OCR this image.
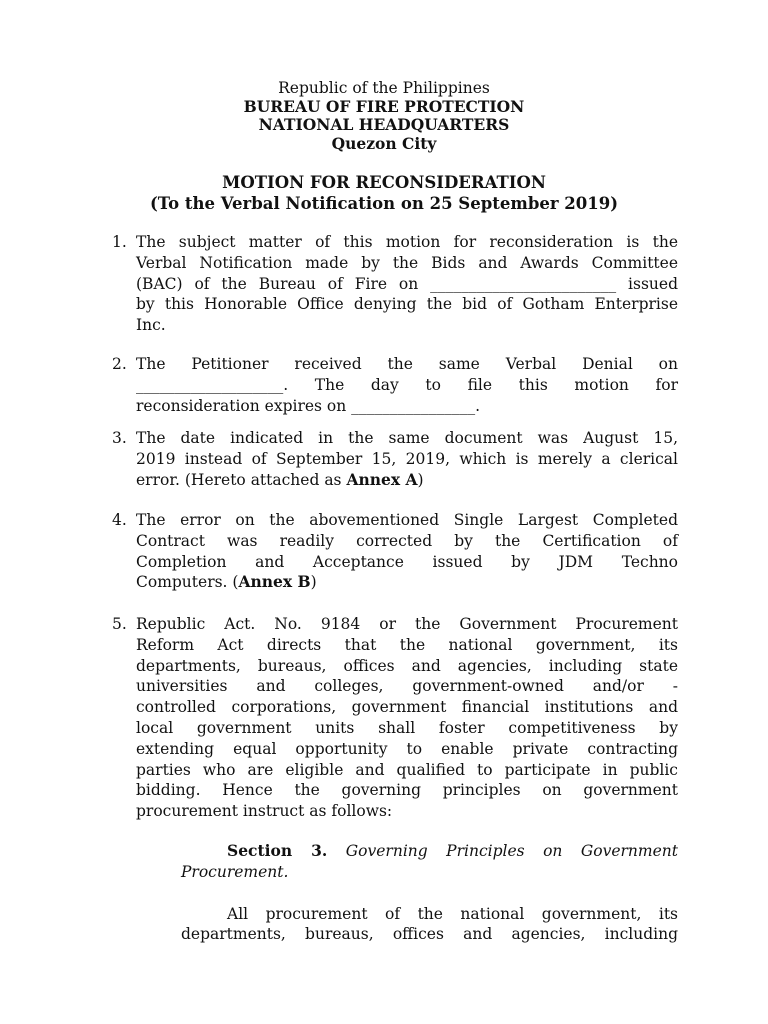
Republic of the Philippines
BUREAU OF FIRE PROTECTION
NATIONAL HEADQUARTERS
Quezon City
MOTION FOR RECONSIDERATION
(To the Verbal Notification on 25 September 2019)
1. The subject matter of this motion for reconsideration is the
Verbal Notification made by the Bids and Awards Committee
(BAC) of the Bureau of Fire on ________________________ issued
by this Honorable Office denying the bid of Gotham Enterprise
Inc.
2. The Petitioner received the same Verbal Denial on
___________________. The day to file this motion for
reconsideration expires on ________________.
3. The date indicated in the same document was August 15,
2019 instead of September 15, 2019, which is merely a clerical
error. (Hereto attached as Annex A)
4. The error on the abovementioned Single Largest Completed
Contract was readily corrected by the Certification of
Completion and Acceptance issued by JDM Techno
Computers. (Annex B)
5. Republic Act. No. 9184 or the Government Procurement
Reform Act directs that the national government, its
departments, bureaus, offices and agencies, including state
universities and colleges, government-owned and/or -
controlled corporations, government financial institutions and
local government units shall foster competitiveness by
extending equal opportunity to enable private contracting
parties who are eligible and qualified to participate in public
bidding. Hence the governing principles on government
procurement instruct as follows:
Section 3. Governing Principles on Government
Procurement.
All procurement of the national government, its
departments, bureaus, offices and agencies, including
